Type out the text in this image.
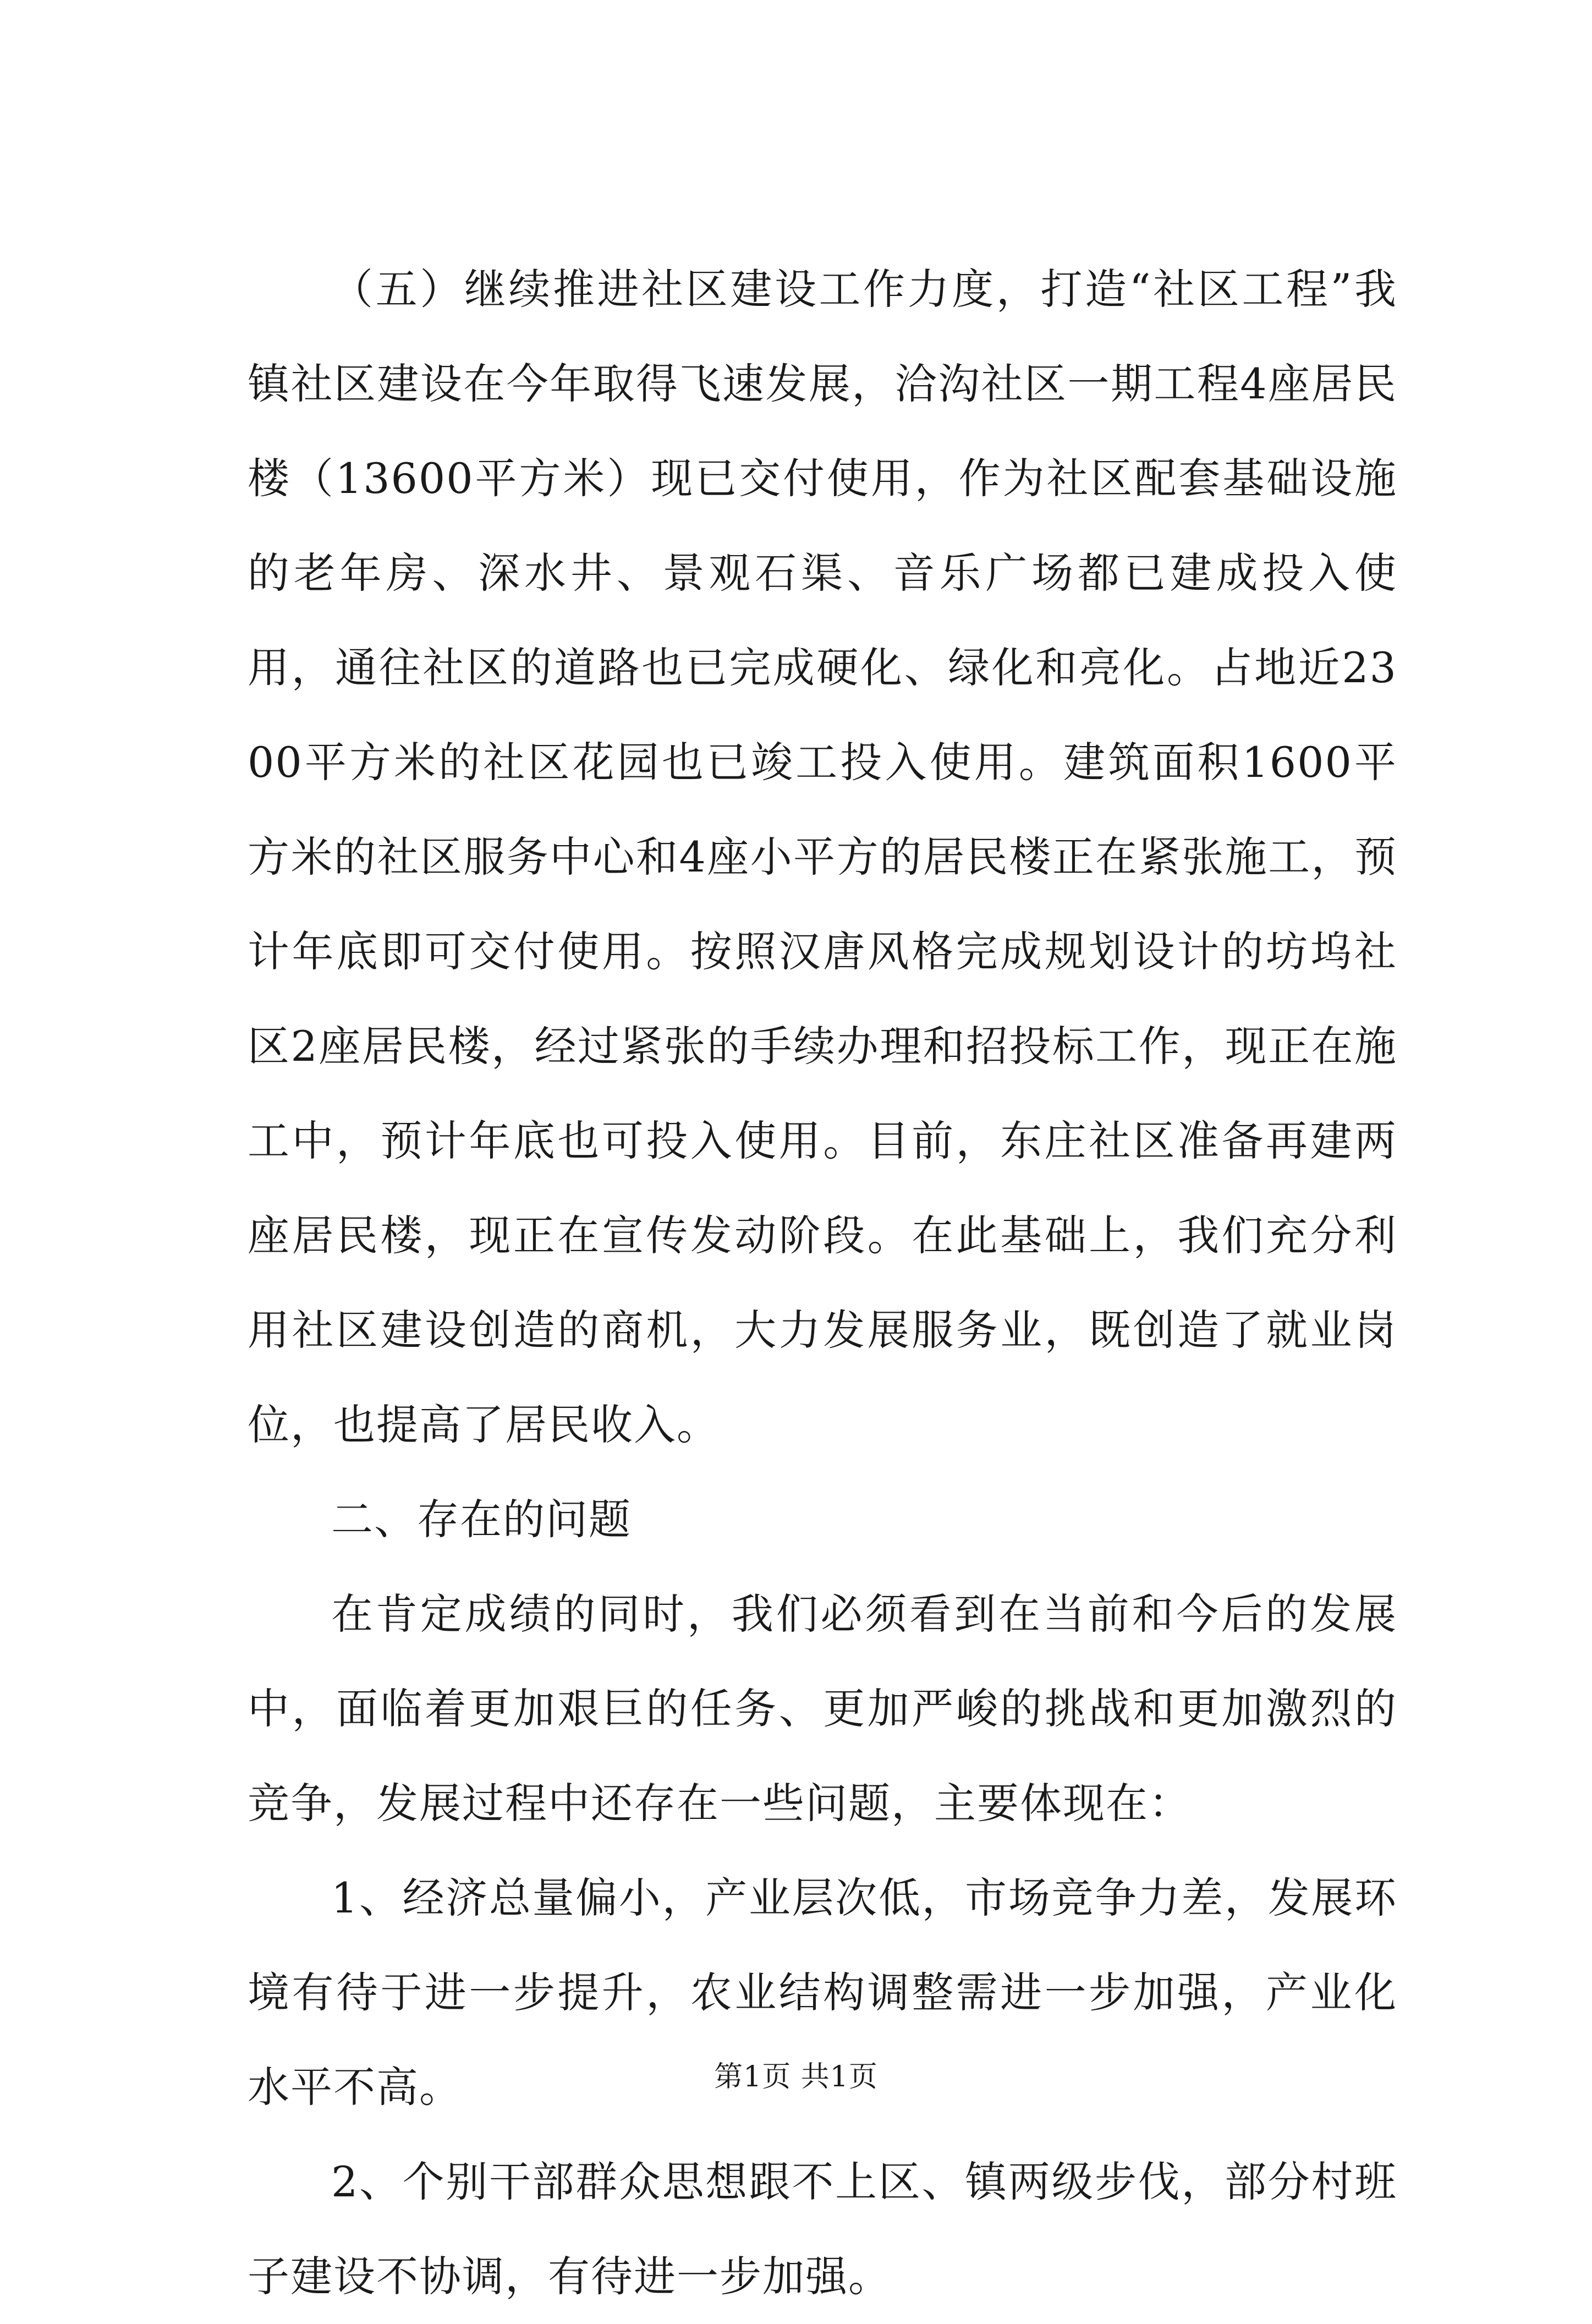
（五）继续推进社区建设工作力度，打造“社区工程”我镇社区建设在今年取得飞速发展，洽沟社区一期工程4座居民楼（13600平方米）现已交付使用，作为社区配套基础设施的老年房、深水井、景观石渠、音乐广场都已建成投入使用，通往社区的道路也已完成硬化、绿化和亮化。占地近2300平方米的社区花园也已竣工投入使用。建筑面积1600平方米的社区服务中心和4座小平方的居民楼正在紧张施工，预计年底即可交付使用。按照汉唐风格完成规划设计的坊坞社区2座居民楼，经过紧张的手续办理和招投标工作，现正在施工中，预计年底也可投入使用。目前，东庄社区准备再建两座居民楼，现正在宣传发动阶段。在此基础上，我们充分利用社区建设创造的商机，大力发展服务业，既创造了就业岗位，也提高了居民收入。

二、存在的问题

在肯定成绩的同时，我们必须看到在当前和今后的发展中，面临着更加艰巨的任务、更加严峻的挑战和更加激烈的竞争，发展过程中还存在一些问题，主要体现在：

1、经济总量偏小，产业层次低，市场竞争力差，发展环境有待于进一步提升，农业结构调整需进一步加强，产业化水平不高。

2、个别干部群众思想跟不上区、镇两级步伐，部分村班子建设不协调，有待进一步加强。

第1页 共1页
